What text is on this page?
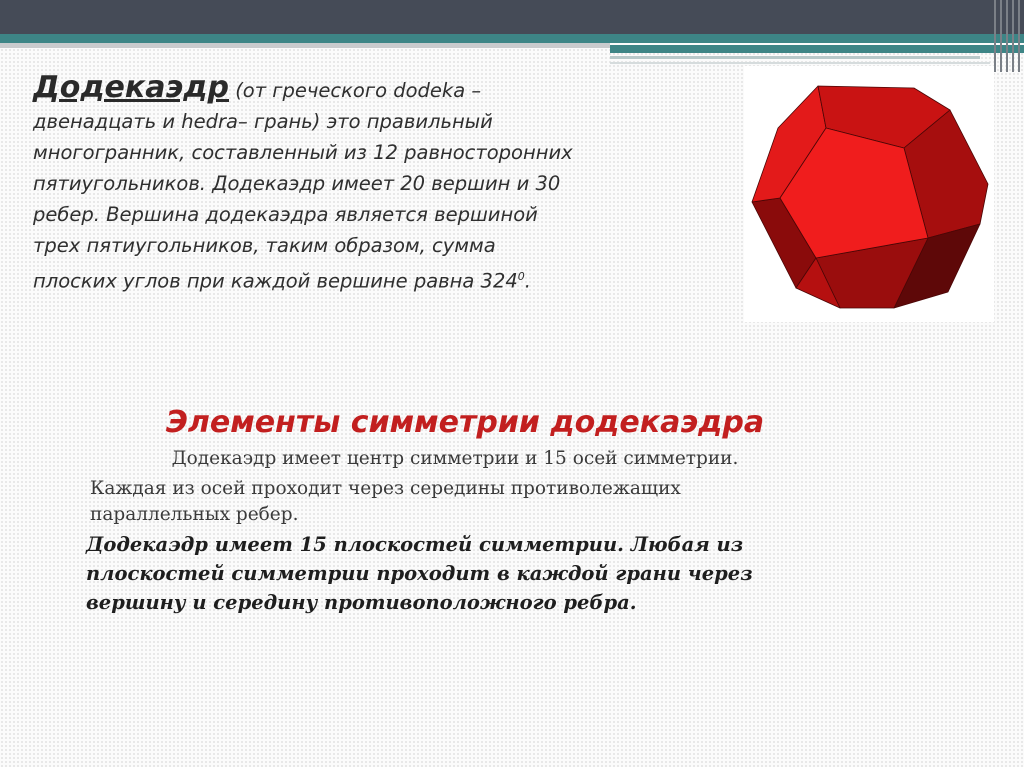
Додекаэдр (от греческого dodeka – двенадцать и hedra– грань) это правильный многогранник, составленный из 12 равносторонних пятиугольников. Додекаэдр имеет 20 вершин и 30 ребер. Вершина додекаэдра является вершиной трех пятиугольников, таким образом, сумма плоских углов при каждой вершине равна $324^0$.

Элементы симметрии додекаэдра

Додекаэдр имеет центр симметрии и 15 осей симметрии.

Каждая из осей проходит через середины противолежащих параллельных ребер.

Додекаэдр имеет 15 плоскостей симметрии. Любая из плоскостей симметрии проходит в каждой грани через вершину и середину противоположного ребра.
